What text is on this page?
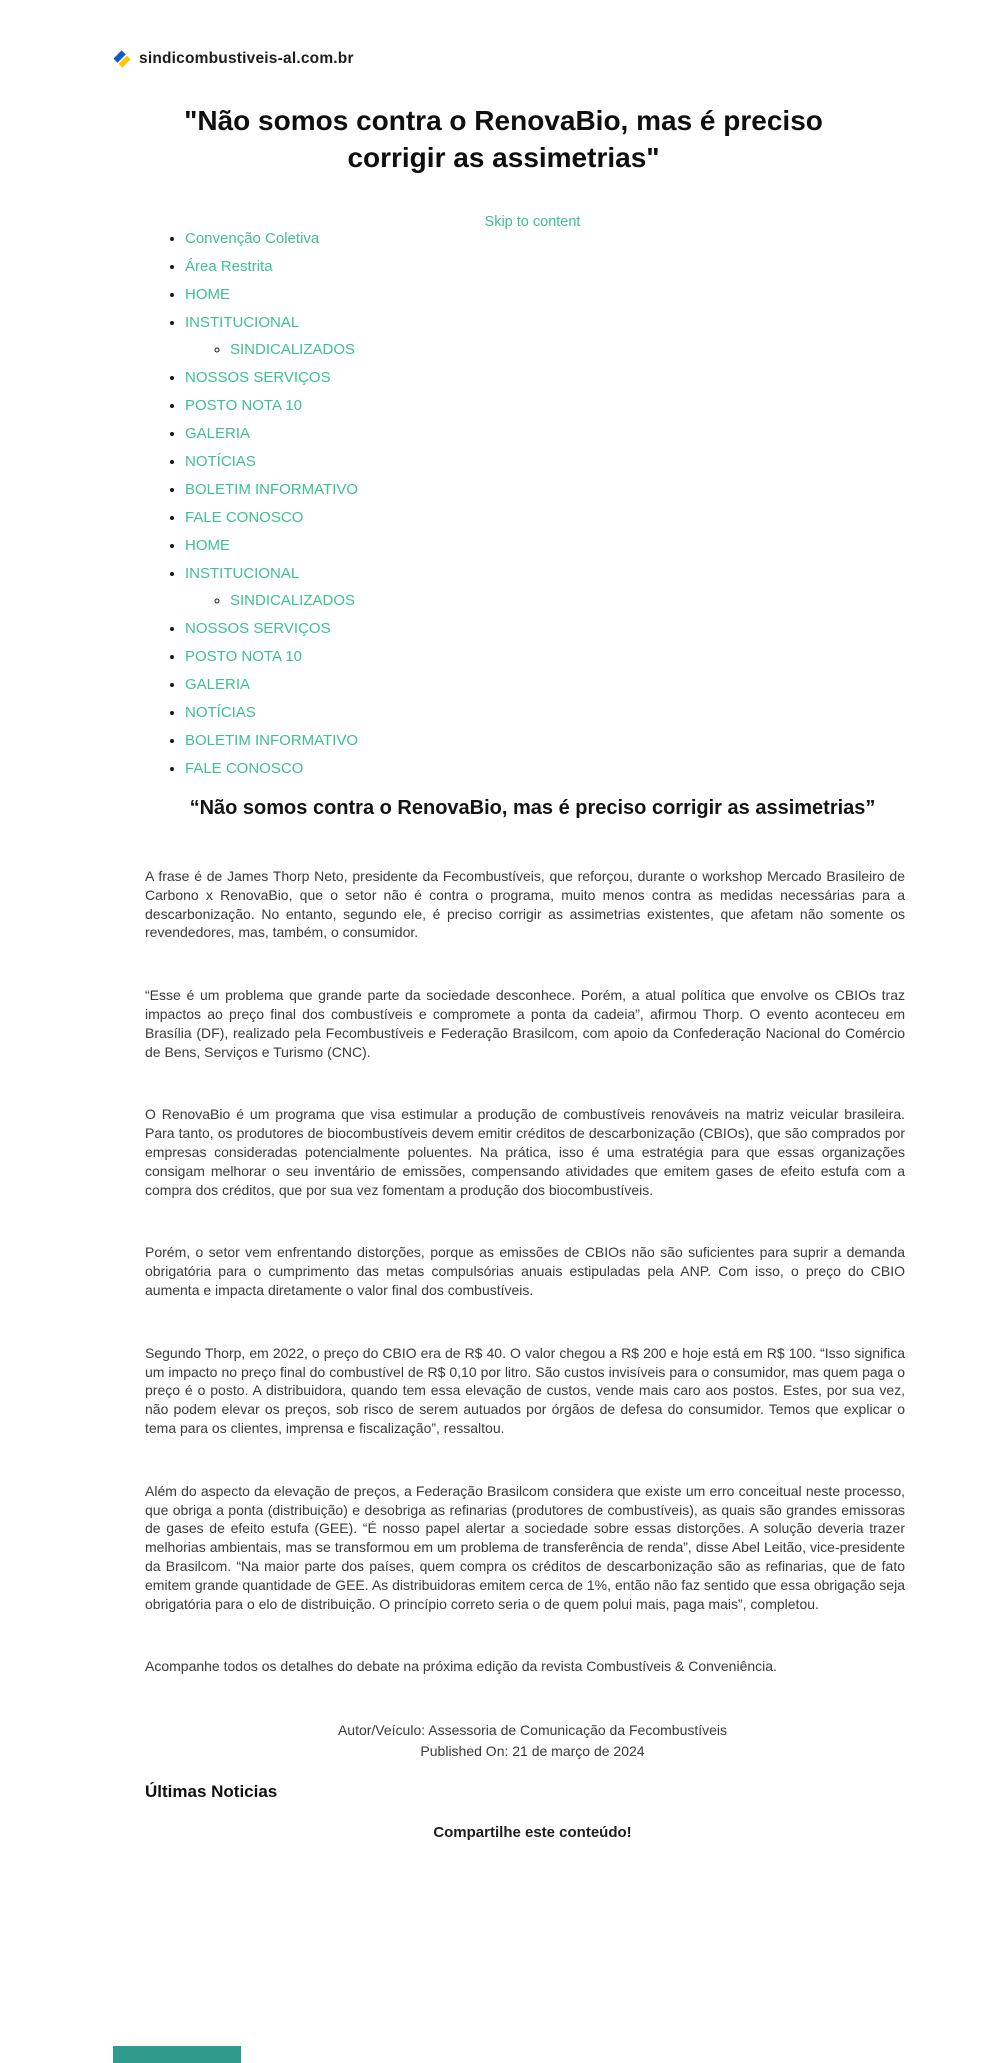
sindicombustiveis-al.com.br
"Não somos contra o RenovaBio, mas é preciso corrigir as assimetrias"
Skip to content
• Convenção Coletiva
• Área Restrita
• HOME
• INSTITUCIONAL
◦ SINDICALIZADOS
• NOSSOS SERVIÇOS
• POSTO NOTA 10
• GALERIA
• NOTÍCIAS
• BOLETIM INFORMATIVO
• FALE CONOSCO
• HOME
• INSTITUCIONAL
◦ SINDICALIZADOS
• NOSSOS SERVIÇOS
• POSTO NOTA 10
• GALERIA
• NOTÍCIAS
• BOLETIM INFORMATIVO
• FALE CONOSCO
“Não somos contra o RenovaBio, mas é preciso corrigir as assimetrias”

A frase é de James Thorp Neto, presidente da Fecombustíveis, que reforçou, durante o workshop Mercado Brasileiro de Carbono x RenovaBio, que o setor não é contra o programa, muito menos contra as medidas necessárias para a descarbonização. No entanto, segundo ele, é preciso corrigir as assimetrias existentes, que afetam não somente os revendedores, mas, também, o consumidor.

“Esse é um problema que grande parte da sociedade desconhece. Porém, a atual política que envolve os CBIOs traz impactos ao preço final dos combustíveis e compromete a ponta da cadeia”, afirmou Thorp. O evento aconteceu em Brasília (DF), realizado pela Fecombustíveis e Federação Brasilcom, com apoio da Confederação Nacional do Comércio de Bens, Serviços e Turismo (CNC).

O RenovaBio é um programa que visa estimular a produção de combustíveis renováveis na matriz veicular brasileira. Para tanto, os produtores de biocombustíveis devem emitir créditos de descarbonização (CBIOs), que são comprados por empresas consideradas potencialmente poluentes. Na prática, isso é uma estratégia para que essas organizações consigam melhorar o seu inventário de emissões, compensando atividades que emitem gases de efeito estufa com a compra dos créditos, que por sua vez fomentam a produção dos biocombustíveis.

Porém, o setor vem enfrentando distorções, porque as emissões de CBIOs não são suficientes para suprir a demanda obrigatória para o cumprimento das metas compulsórias anuais estipuladas pela ANP. Com isso, o preço do CBIO aumenta e impacta diretamente o valor final dos combustíveis.

Segundo Thorp, em 2022, o preço do CBIO era de R$ 40. O valor chegou a R$ 200 e hoje está em R$ 100. “Isso significa um impacto no preço final do combustível de R$ 0,10 por litro. São custos invisíveis para o consumidor, mas quem paga o preço é o posto. A distribuidora, quando tem essa elevação de custos, vende mais caro aos postos. Estes, por sua vez, não podem elevar os preços, sob risco de serem autuados por órgãos de defesa do consumidor. Temos que explicar o tema para os clientes, imprensa e fiscalização”, ressaltou.

Além do aspecto da elevação de preços, a Federação Brasilcom considera que existe um erro conceitual neste processo, que obriga a ponta (distribuição) e desobriga as refinarias (produtores de combustíveis), as quais são grandes emissoras de gases de efeito estufa (GEE). “É nosso papel alertar a sociedade sobre essas distorções. A solução deveria trazer melhorias ambientais, mas se transformou em um problema de transferência de renda”, disse Abel Leitão, vice-presidente da Brasilcom. “Na maior parte dos países, quem compra os créditos de descarbonização são as refinarias, que de fato emitem grande quantidade de GEE. As distribuidoras emitem cerca de 1%, então não faz sentido que essa obrigação seja obrigatória para o elo de distribuição. O princípio correto seria o de quem polui mais, paga mais”, completou.

Acompanhe todos os detalhes do debate na próxima edição da revista Combustíveis & Conveniência.

Autor/Veículo: Assessoria de Comunicação da Fecombustíveis
Published On: 21 de março de 2024
Últimas Noticias
Compartilhe este conteúdo!
